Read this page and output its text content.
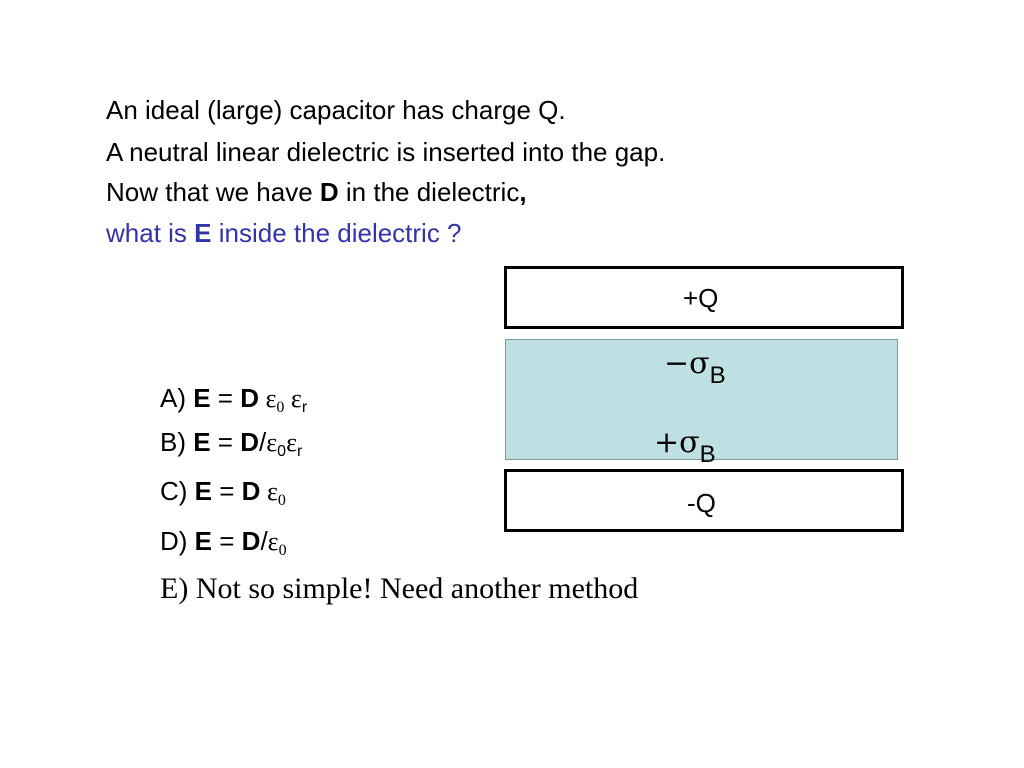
An ideal (large) capacitor has charge Q.
A neutral linear dielectric is inserted into the gap.
Now that we have D in the dielectric,
what is E inside the dielectric ?
A) E = D $\varepsilon_0$ $\varepsilon_r$
B) $E = D/\varepsilon_0\varepsilon_r$
C) E = D $\varepsilon_0$
D) $E = D/\varepsilon_0$
E) Not so simple! Need another method
+Q
$-\sigma_B$
$+\sigma_B$
-Q
